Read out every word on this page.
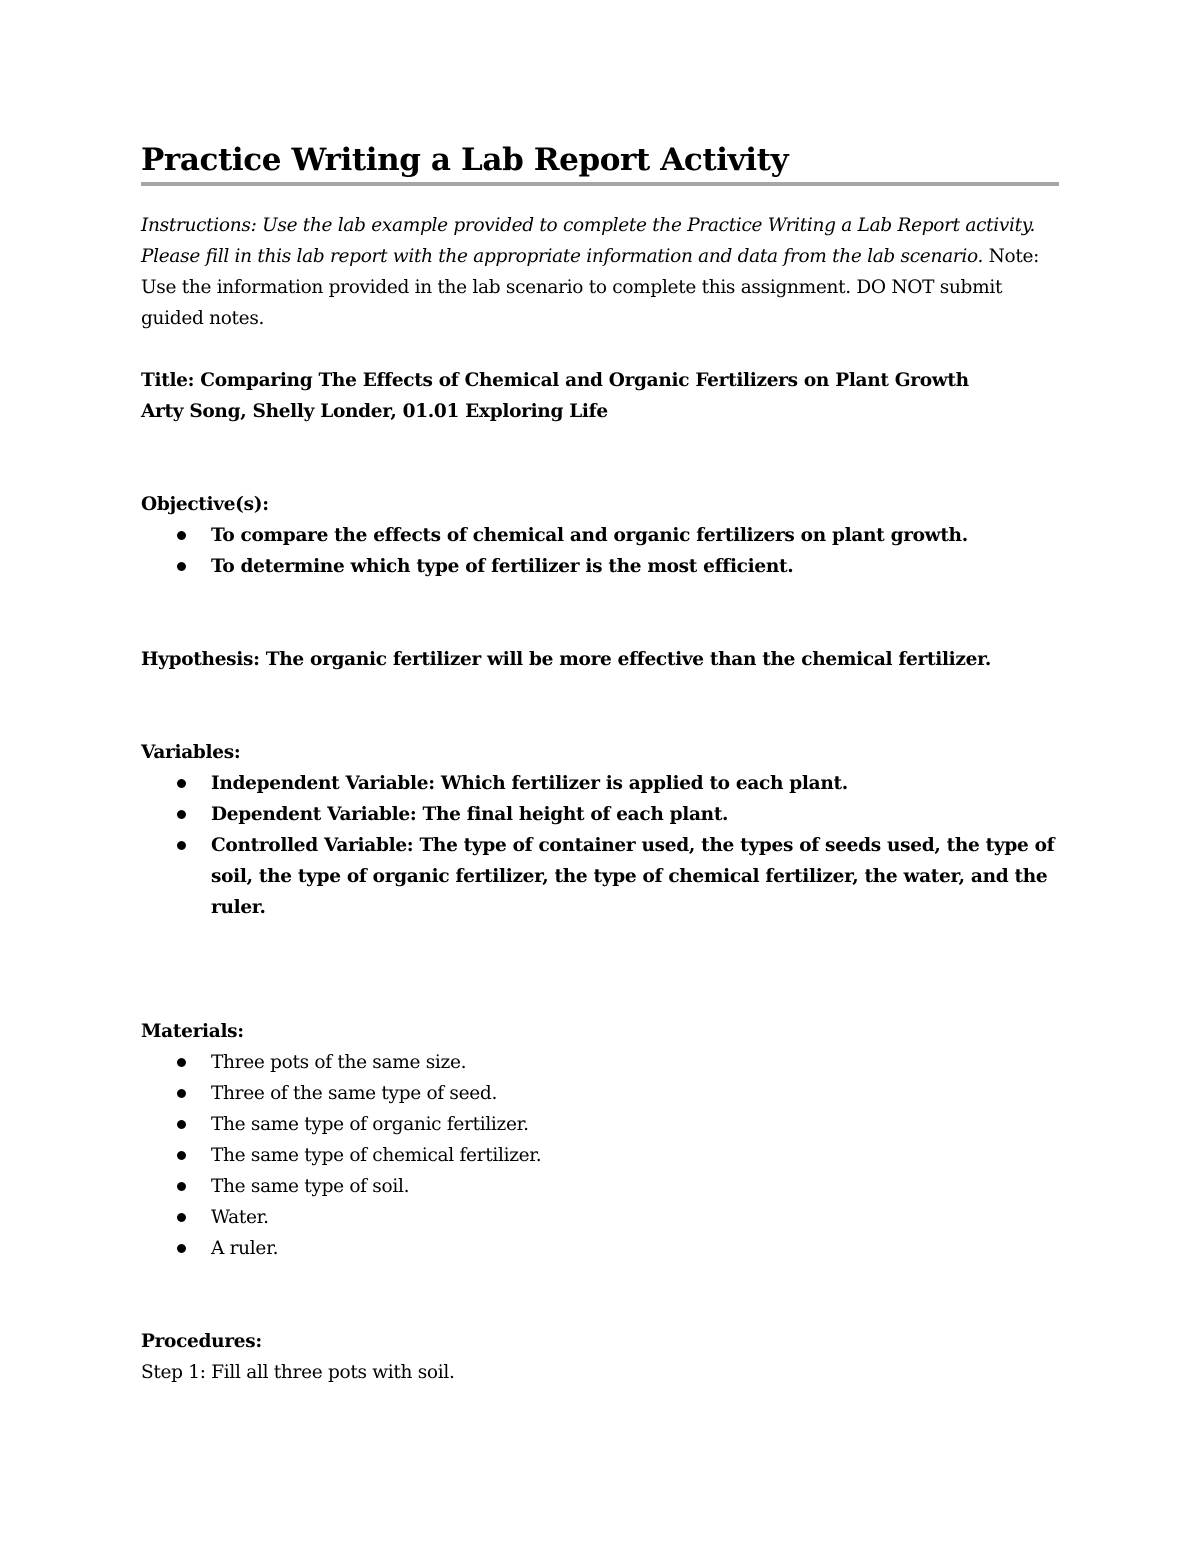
Practice Writing a Lab Report Activity

Instructions: Use the lab example provided to complete the Practice Writing a Lab Report activity. Please fill in this lab report with the appropriate information and data from the lab scenario. Note: Use the information provided in the lab scenario to complete this assignment. DO NOT submit guided notes.

Title: Comparing The Effects of Chemical and Organic Fertilizers on Plant Growth
Arty Song, Shelly Londer, 01.01 Exploring Life
Objective(s):
To compare the effects of chemical and organic fertilizers on plant growth.
To determine which type of fertilizer is the most efficient.
Hypothesis: The organic fertilizer will be more effective than the chemical fertilizer.
Variables:
Independent Variable: Which fertilizer is applied to each plant.
Dependent Variable: The final height of each plant.
Controlled Variable: The type of container used, the types of seeds used, the type of soil, the type of organic fertilizer, the type of chemical fertilizer, the water, and the ruler.
Materials:
Three pots of the same size.
Three of the same type of seed.
The same type of organic fertilizer.
The same type of chemical fertilizer.
The same type of soil.
Water.
A ruler.
Procedures:
Step 1: Fill all three pots with soil.
